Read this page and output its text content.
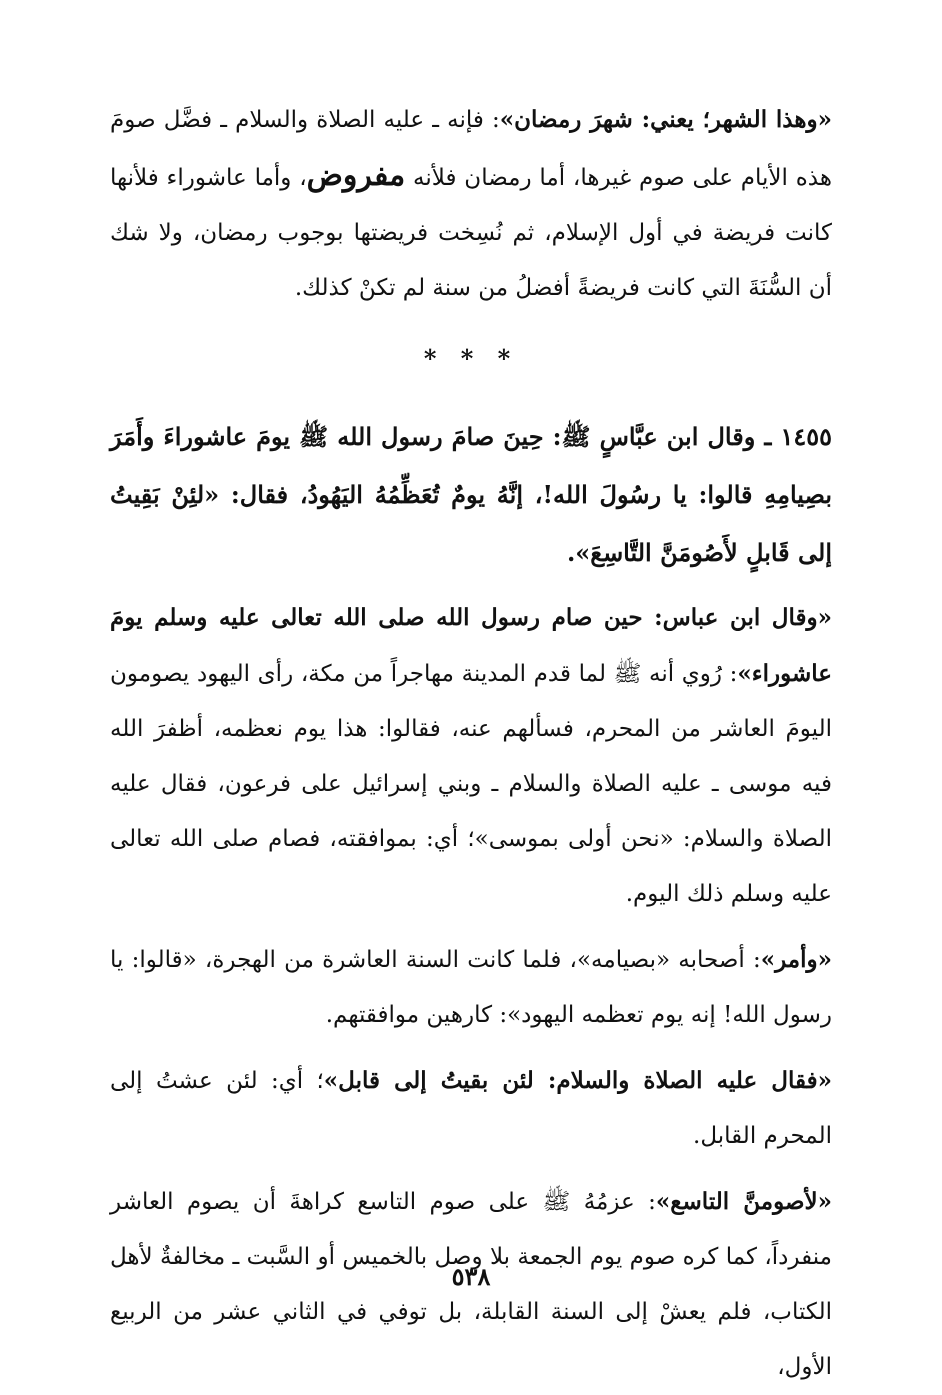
«وهذا الشهر؛ يعني: شهرَ رمضان»: فإنه ـ عليه الصلاة والسلام ـ فضَّل صومَ هذه الأيام على صوم غيرها، أما رمضان فلأنه مفروض، وأما عاشوراء فلأنها كانت فريضة في أول الإسلام، ثم نُسِخت فريضتها بوجوب رمضان، ولا شك أن السُّنَةَ التي كانت فريضةً أفضلُ من سنة لم تكنْ كذلك.

* * *

١٤٥٥ ـ وقال ابن عبَّاسٍ ﷺ: حِينَ صامَ رسول الله ﷺ يومَ عاشوراءَ وأَمَرَ بصِيامِهِ قالوا: يا رسُولَ الله!، إنَّهُ يومٌ تُعَظِّمُهُ اليَهُودُ، فقال: «لئِنْ بَقِيتُ إلى قَابلٍ لأَصُومَنَّ التَّاسِعَ».

«وقال ابن عباس: حين صام رسول الله صلى الله تعالى عليه وسلم يومَ عاشوراء»: رُوي أنه ﷺ لما قدم المدينة مهاجراً من مكة، رأى اليهود يصومون اليومَ العاشر من المحرم، فسألهم عنه، فقالوا: هذا يوم نعظمه، أظفرَ الله فيه موسى ـ عليه الصلاة والسلام ـ وبني إسرائيل على فرعون، فقال عليه الصلاة والسلام: «نحن أولى بموسى»؛ أي: بموافقته، فصام صلى الله تعالى عليه وسلم ذلك اليوم.

«وأمر»: أصحابه «بصيامه»، فلما كانت السنة العاشرة من الهجرة، «قالوا: يا رسول الله! إنه يوم تعظمه اليهود»: كارهين موافقتهم.

«فقال عليه الصلاة والسلام: لئن بقيتُ إلى قابل»؛ أي: لئن عشتُ إلى المحرم القابل.

«لأصومنَّ التاسع»: عزمُهُ ﷺ على صوم التاسع كراهةَ أن يصوم العاشر منفرداً، كما كره صوم يوم الجمعة بلا وصل بالخميس أو السَّبت ـ مخالفةٌ لأهل الكتاب، فلم يعشْ إلى السنة القابلة، بل توفي في الثاني عشر من الربيع الأول،

٥٣٨
